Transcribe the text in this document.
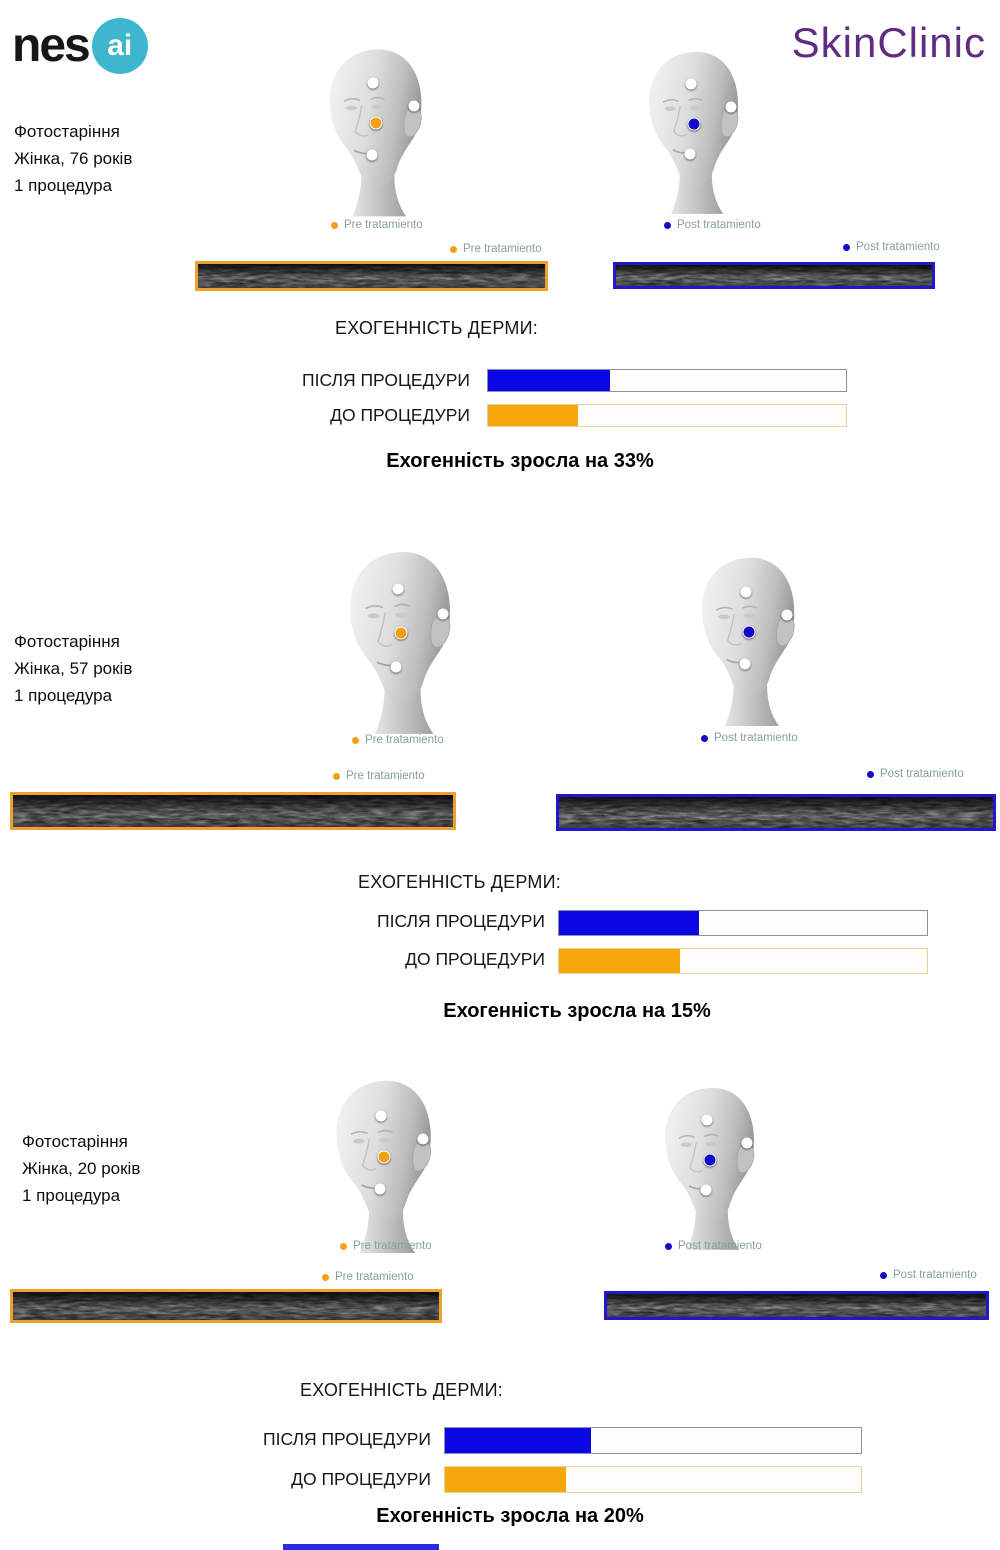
nes ai	SkinClinic
Фотостаріння
Жінка, 76 років
1 процедура
Pre tratamiento	Post tratamiento
Pre tratamiento	Post tratamiento
ЕХОГЕННІСТЬ ДЕРМИ:
ПІСЛЯ ПРОЦЕДУРИ
ДО ПРОЦЕДУРИ
Ехогенність зросла на 33%
Фотостаріння
Жінка, 57 років
1 процедура
Pre tratamiento	Post tratamiento
Pre tratamiento	Post tratamiento
ЕХОГЕННІСТЬ ДЕРМИ:
ПІСЛЯ ПРОЦЕДУРИ
ДО ПРОЦЕДУРИ
Ехогенність зросла на 15%
Фотостаріння
Жінка, 20 років
1 процедура
Pre tratamiento	Post tratamiento
Pre tratamiento	Post tratamiento
ЕХОГЕННІСТЬ ДЕРМИ:
ПІСЛЯ ПРОЦЕДУРИ
ДО ПРОЦЕДУРИ
Ехогенність зросла на 20%
